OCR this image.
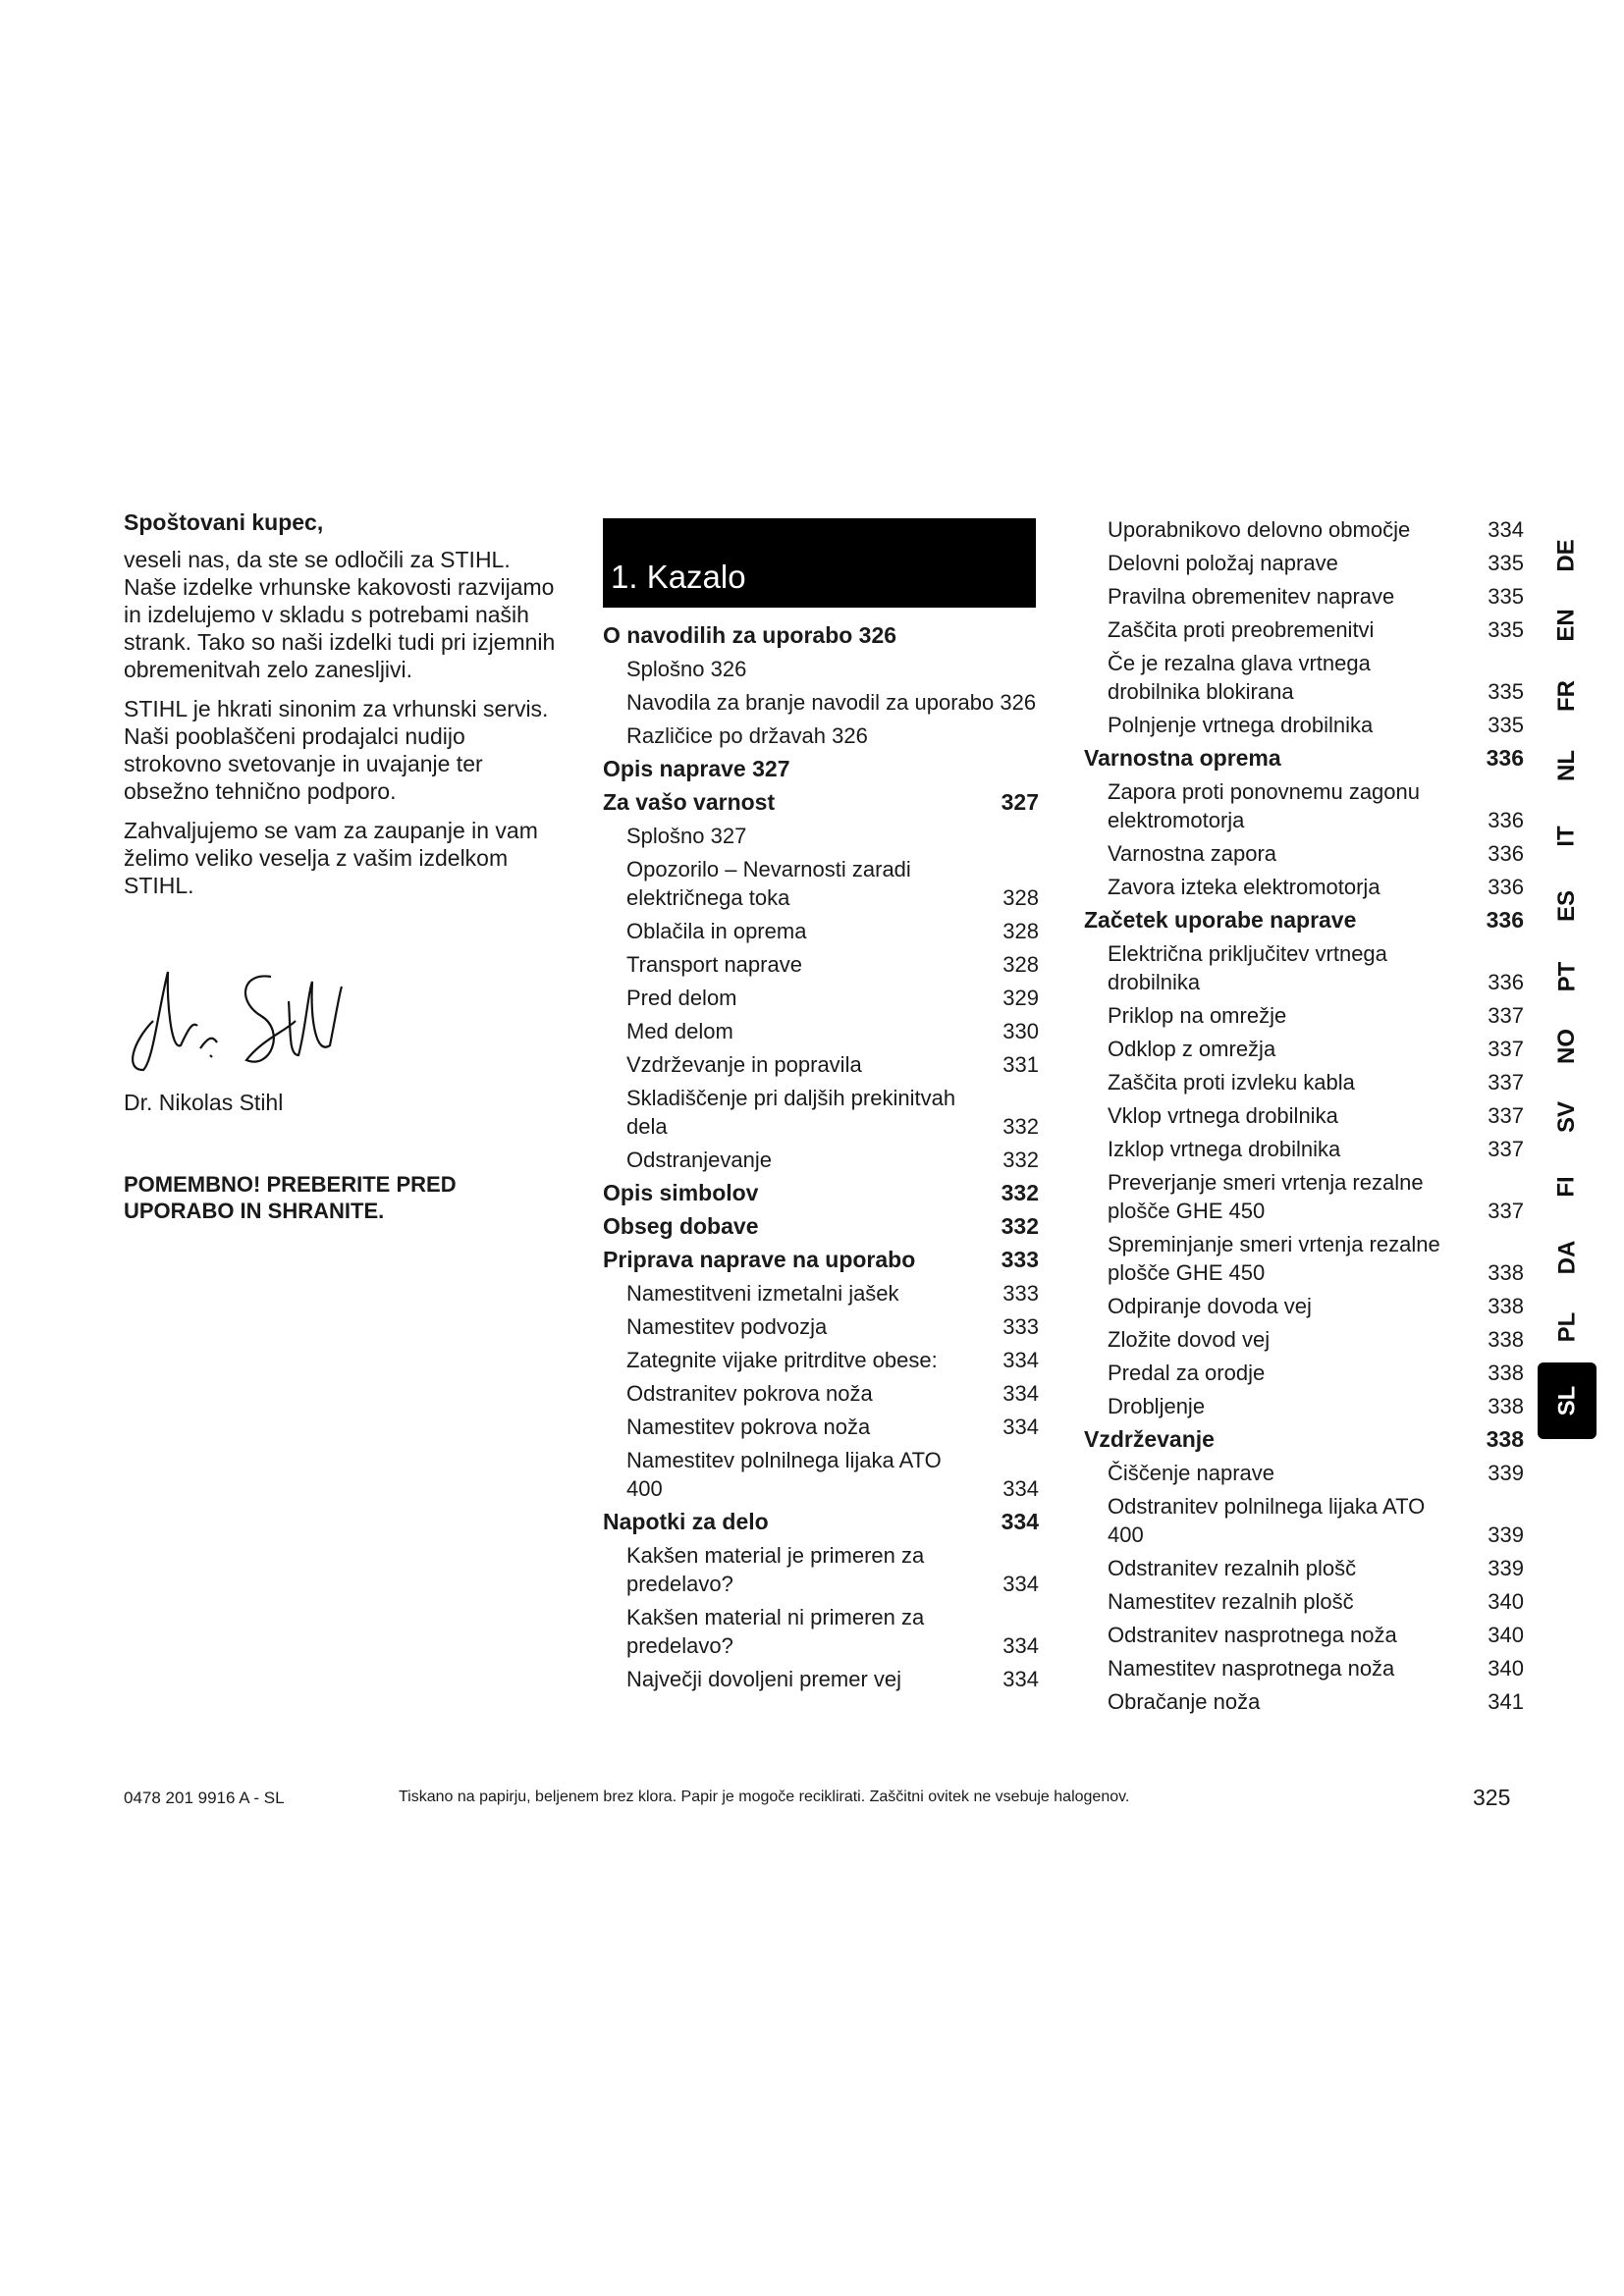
Spoštovani kupec,

veseli nas, da ste se odločili za STIHL. Naše izdelke vrhunske kakovosti razvijamo in izdelujemo v skladu s potrebami naših strank. Tako so naši izdelki tudi pri izjemnih obremenitvah zelo zanesljivi.

STIHL je hkrati sinonim za vrhunski servis. Naši pooblaščeni prodajalci nudijo strokovno svetovanje in uvajanje ter obsežno tehnično podporo.

Zahvaljujemo se vam za zaupanje in vam želimo veliko veselja z vašim izdelkom STIHL.

Dr. Nikolas Stihl
POMEMBNO! PREBERITE PRED UPORABO IN SHRANITE.
1. Kazalo
O navodilih za uporabo 326
Splošno 326
Navodila za branje navodil za uporabo 326
Različice po državah 326
Opis naprave 327
Za vašo varnost	327
Splošno 327
Opozorilo – Nevarnosti zaradi električnega toka	328
Oblačila in oprema	328
Transport naprave	328
Pred delom	329
Med delom	330
Vzdrževanje in popravila	331
Skladiščenje pri daljših prekinitvah dela	332
Odstranjevanje	332
Opis simbolov	332
Obseg dobave	332
Priprava naprave na uporabo	333
Namestitveni izmetalni jašek	333
Namestitev podvozja	333
Zategnite vijake pritrditve obese:	334
Odstranitev pokrova noža	334
Namestitev pokrova noža	334
Namestitev polnilnega lijaka ATO 400	334
Napotki za delo	334
Kakšen material je primeren za predelavo?	334
Kakšen material ni primeren za predelavo?	334
Največji dovoljeni premer vej	334
Uporabnikovo delovno območje	334
Delovni položaj naprave	335
Pravilna obremenitev naprave	335
Zaščita proti preobremenitvi	335
Če je rezalna glava vrtnega drobilnika blokirana	335
Polnjenje vrtnega drobilnika	335
Varnostna oprema	336
Zapora proti ponovnemu zagonu elektromotorja	336
Varnostna zapora	336
Zavora izteka elektromotorja	336
Začetek uporabe naprave	336
Električna priključitev vrtnega drobilnika	336
Priklop na omrežje	337
Odklop z omrežja	337
Zaščita proti izvleku kabla	337
Vklop vrtnega drobilnika	337
Izklop vrtnega drobilnika	337
Preverjanje smeri vrtenja rezalne plošče GHE 450	337
Spreminjanje smeri vrtenja rezalne plošče GHE 450	338
Odpiranje dovoda vej	338
Zložite dovod vej	338
Predal za orodje	338
Drobljenje	338
Vzdrževanje	338
Čiščenje naprave	339
Odstranitev polnilnega lijaka ATO 400	339
Odstranitev rezalnih plošč	339
Namestitev rezalnih plošč	340
Odstranitev nasprotnega noža	340
Namestitev nasprotnega noža	340
Obračanje noža	341
DE
EN
FR
NL
IT
ES
PT
NO
SV
FI
DA
PL
SL
0478 201 9916 A - SL	Tiskano na papirju, beljenem brez klora. Papir je mogoče reciklirati. Zaščitni ovitek ne vsebuje halogenov.	325
